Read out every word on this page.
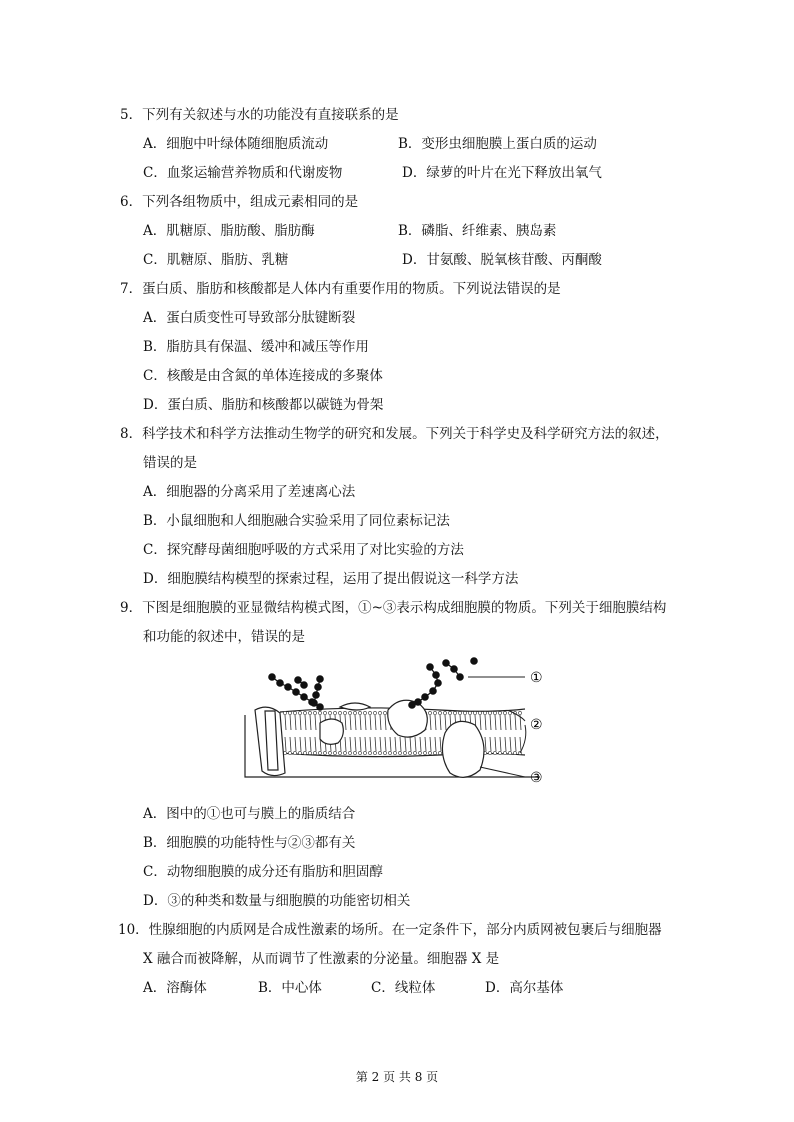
5．下列有关叙述与水的功能没有直接联系的是
A．细胞中叶绿体随细胞质流动	B．变形虫细胞膜上蛋白质的运动
C．血浆运输营养物质和代谢废物	D．绿萝的叶片在光下释放出氧气
6．下列各组物质中，组成元素相同的是
A．肌糖原、脂肪酸、脂肪酶	B．磷脂、纤维素、胰岛素
C．肌糖原、脂肪、乳糖	D．甘氨酸、脱氧核苷酸、丙酮酸
7．蛋白质、脂肪和核酸都是人体内有重要作用的物质。下列说法错误的是
A．蛋白质变性可导致部分肽键断裂
B．脂肪具有保温、缓冲和减压等作用
C．核酸是由含氮的单体连接成的多聚体
D．蛋白质、脂肪和核酸都以碳链为骨架
8．科学技术和科学方法推动生物学的研究和发展。下列关于科学史及科学研究方法的叙述，
错误的是
A．细胞器的分离采用了差速离心法
B．小鼠细胞和人细胞融合实验采用了同位素标记法
C．探究酵母菌细胞呼吸的方式采用了对比实验的方法
D．细胞膜结构模型的探索过程，运用了提出假说这一科学方法
9．下图是细胞膜的亚显微结构模式图，①~③表示构成细胞膜的物质。下列关于细胞膜结构
和功能的叙述中，错误的是
①
②
③
A．图中的①也可与膜上的脂质结合
B．细胞膜的功能特性与②③都有关
C．动物细胞膜的成分还有脂肪和胆固醇
D．③的种类和数量与细胞膜的功能密切相关
10．性腺细胞的内质网是合成性激素的场所。在一定条件下，部分内质网被包裹后与细胞器
X 融合而被降解，从而调节了性激素的分泌量。细胞器 X 是
A．溶酶体	B．中心体	C．线粒体	D．高尔基体
第 2 页 共 8 页
